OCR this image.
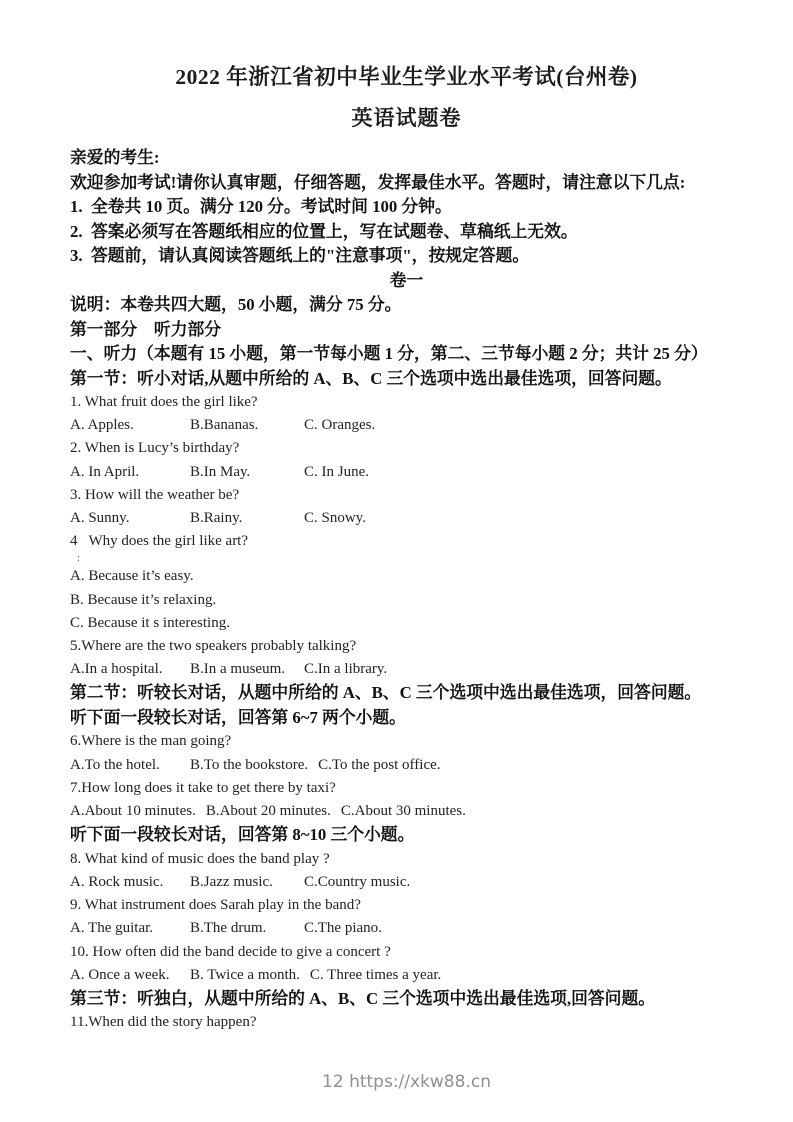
2022 年浙江省初中毕业生学业水平考试(台州卷)
英语试题卷
亲爱的考生:
欢迎参加考试!请你认真审题，仔细答题，发挥最佳水平。答题时，请注意以下几点:
1.  全卷共 10 页。满分 120 分。考试时间 100 分钟。
2.  答案必须写在答题纸相应的位置上，写在试题卷、草稿纸上无效。
3.  答题前，请认真阅读答题纸上的"注意事项"，按规定答题。
卷一
说明：本卷共四大题，50 小题，满分 75 分。
第一部分　听力部分
一、听力（本题有 15 小题，第一节每小题 1 分，第二、三节每小题 2 分；共计 25 分）
第一节：听小对话,从题中所给的 A、B、C 三个选项中选出最佳选项，回答问题。
1. What fruit does the girl like?
A. Apples.	B.Bananas.	C. Oranges.
2. When is Lucy’s birthday?
A. In April.	B.In May.	C. In June.
3. How will the weather be?
A. Sunny.	B.Rainy.	C. Snowy.
4   Why does the girl like art?
:
A. Because it’s easy.
B. Because it’s relaxing.
C. Because it s interesting.
5.Where are the two speakers probably talking?
A.In a hospital.	B.In a museum.	C.In a library.
第二节：听较长对话，从题中所给的 A、B、C 三个选项中选出最佳选项，回答问题。
听下面一段较长对话，回答第 6~7 两个小题。
6.Where is the man going?
A.To the hotel.	B.To the bookstore. C.To the post office.
7.How long does it take to get there by taxi?
A.About 10 minutes. B.About 20 minutes. C.About 30 minutes.
听下面一段较长对话，回答第 8~10 三个小题。
8. What kind of music does the band play ?
A. Rock music.	B.Jazz music.	C.Country music.
9. What instrument does Sarah play in the band?
A. The guitar.	B.The drum.	C.The piano.
10. How often did the band decide to give a concert ?
A. Once a week.	B. Twice a month. C. Three times a year.
第三节：听独白，从题中所给的 A、B、C 三个选项中选出最佳选项,回答问题。
11.When did the story happen?
12 https://xkw88.cn
